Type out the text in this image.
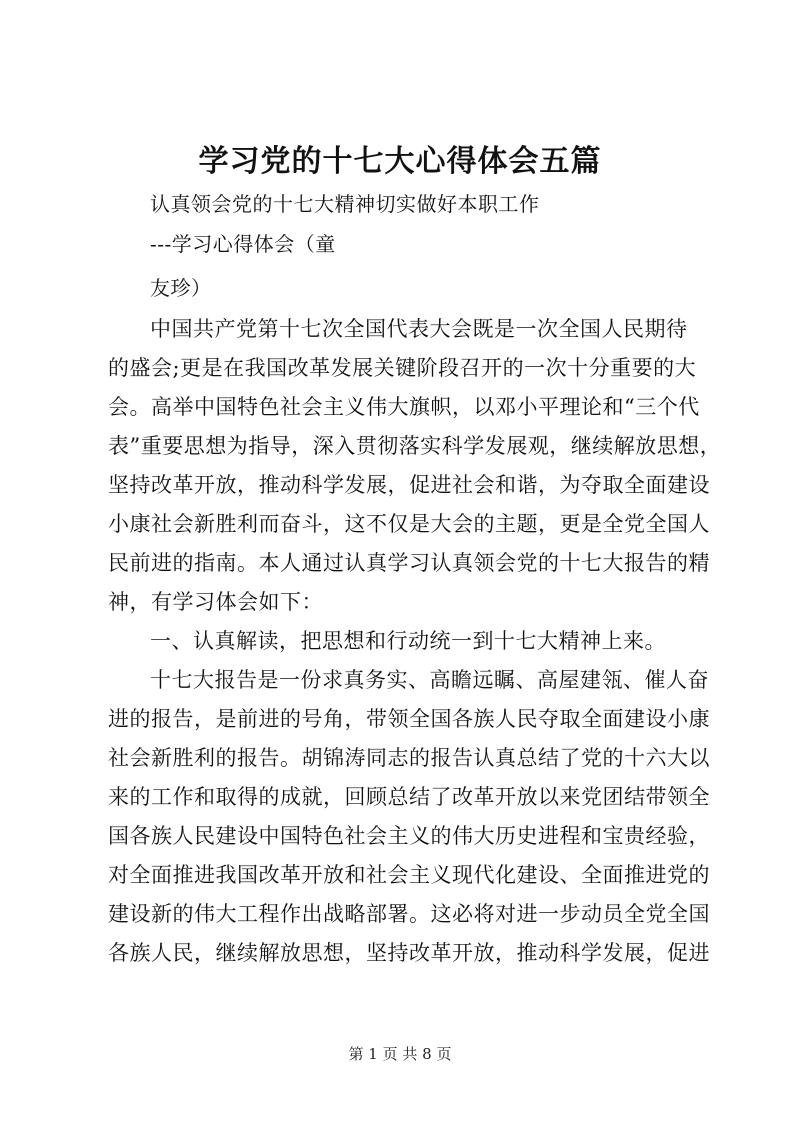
学习党的十七大心得体会五篇
认真领会党的十七大精神切实做好本职工作
---学习心得体会（童
友珍）
中国共产党第十七次全国代表大会既是一次全国人民期待
的盛会;更是在我国改革发展关键阶段召开的一次十分重要的大
会。高举中国特色社会主义伟大旗帜，以邓小平理论和“三个代
表”重要思想为指导，深入贯彻落实科学发展观，继续解放思想，
坚持改革开放，推动科学发展，促进社会和谐，为夺取全面建设
小康社会新胜利而奋斗，这不仅是大会的主题，更是全党全国人
民前进的指南。本人通过认真学习认真领会党的十七大报告的精
神，有学习体会如下：
一、认真解读，把思想和行动统一到十七大精神上来。
十七大报告是一份求真务实、高瞻远瞩、高屋建瓴、催人奋
进的报告，是前进的号角，带领全国各族人民夺取全面建设小康
社会新胜利的报告。胡锦涛同志的报告认真总结了党的十六大以
来的工作和取得的成就，回顾总结了改革开放以来党团结带领全
国各族人民建设中国特色社会主义的伟大历史进程和宝贵经验，
对全面推进我国改革开放和社会主义现代化建设、全面推进党的
建设新的伟大工程作出战略部署。这必将对进一步动员全党全国
各族人民，继续解放思想，坚持改革开放，推动科学发展，促进
第 1 页 共 8 页
